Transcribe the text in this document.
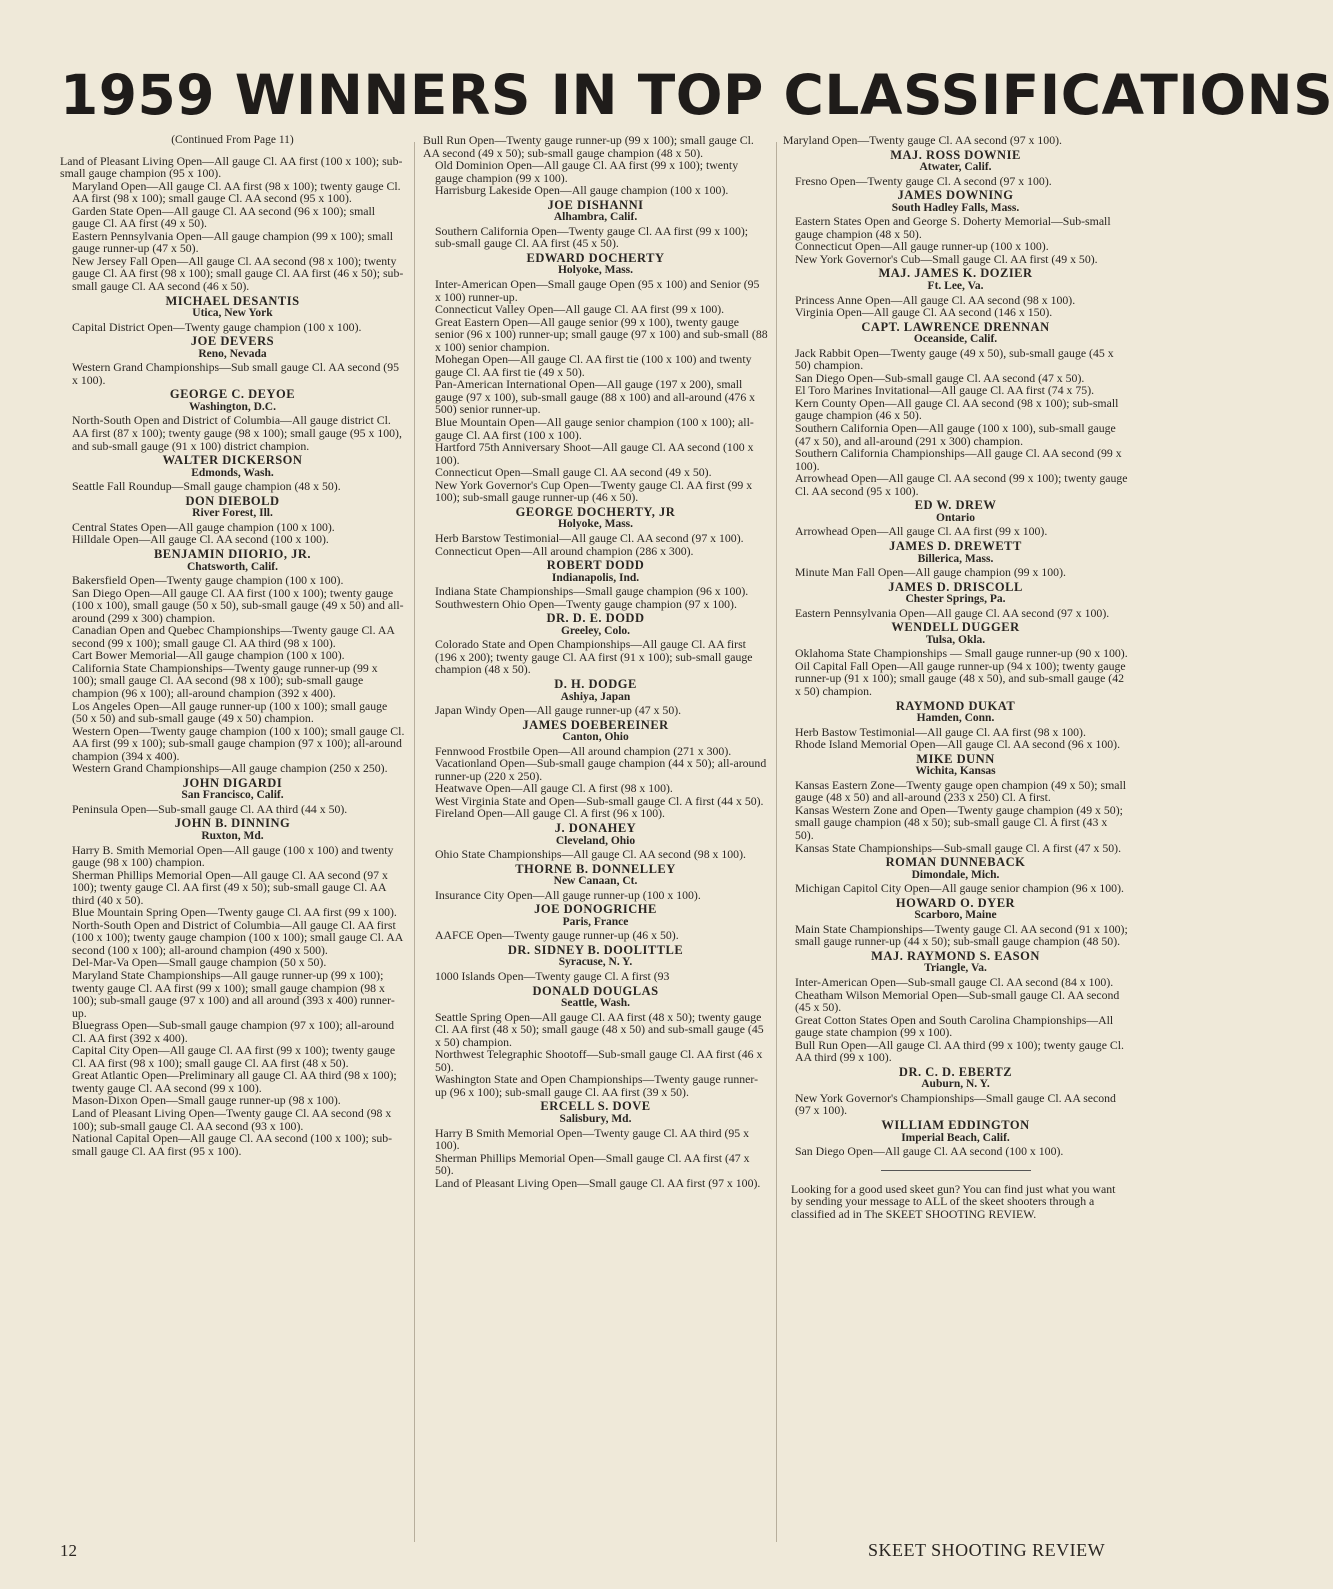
1959 WINNERS IN TOP CLASSIFICATIONS

(Continued From Page 11)

Land of Pleasant Living Open—All gauge Cl. AA first (100 x 100); sub-small gauge champion (95 x 100).

Maryland Open—All gauge Cl. AA first (98 x 100); twenty gauge Cl. AA first (98 x 100); small gauge Cl. AA second (95 x 100).

Garden State Open—All gauge Cl. AA second (96 x 100); small gauge Cl. AA first (49 x 50).

Eastern Pennsylvania Open—All gauge champion (99 x 100); small gauge runner-up (47 x 50).

New Jersey Fall Open—All gauge Cl. AA second (98 x 100); twenty gauge Cl. AA first (98 x 100); small gauge Cl. AA first (46 x 50); sub-small gauge Cl. AA second (46 x 50).

MICHAEL DESANTIS

Utica, New York

Capital District Open—Twenty gauge champion (100 x 100).

JOE DEVERS

Reno, Nevada

Western Grand Championships—Sub small gauge Cl. AA second (95 x 100).

GEORGE C. DEYOE

Washington, D.C.

North-South Open and District of Columbia—All gauge district Cl. AA first (87 x 100); twenty gauge (98 x 100); small gauge (95 x 100), and sub-small gauge (91 x 100) district champion.

WALTER DICKERSON

Edmonds, Wash.

Seattle Fall Roundup—Small gauge champion (48 x 50).

DON DIEBOLD

River Forest, Ill.

Central States Open—All gauge champion (100 x 100).

Hilldale Open—All gauge Cl. AA second (100 x 100).

BENJAMIN DIIORIO, JR.

Chatsworth, Calif.

Bakersfield Open—Twenty gauge champion (100 x 100).

San Diego Open—All gauge Cl. AA first (100 x 100); twenty gauge (100 x 100), small gauge (50 x 50), sub-small gauge (49 x 50) and all-around (299 x 300) champion.

Canadian Open and Quebec Championships—Twenty gauge Cl. AA second (99 x 100); small gauge Cl. AA third (98 x 100).

Cart Bower Memorial—All gauge champion (100 x 100).

California State Championships—Twenty gauge runner-up (99 x 100); small gauge Cl. AA second (98 x 100); sub-small gauge champion (96 x 100); all-around champion (392 x 400).

Los Angeles Open—All gauge runner-up (100 x 100); small gauge (50 x 50) and sub-small gauge (49 x 50) champion.

Western Open—Twenty gauge champion (100 x 100); small gauge Cl. AA first (99 x 100); sub-small gauge champion (97 x 100); all-around champion (394 x 400).

Western Grand Championships—All gauge champion (250 x 250).

JOHN DIGARDI

San Francisco, Calif.

Peninsula Open—Sub-small gauge Cl. AA third (44 x 50).

JOHN B. DINNING

Ruxton, Md.

Harry B. Smith Memorial Open—All gauge (100 x 100) and twenty gauge (98 x 100) champion.

Sherman Phillips Memorial Open—All gauge Cl. AA second (97 x 100); twenty gauge Cl. AA first (49 x 50); sub-small gauge Cl. AA third (40 x 50).

Blue Mountain Spring Open—Twenty gauge Cl. AA first (99 x 100).

North-South Open and District of Columbia—All gauge Cl. AA first (100 x 100); twenty gauge champion (100 x 100); small gauge Cl. AA second (100 x 100); all-around champion (490 x 500).

Del-Mar-Va Open—Small gauge champion (50 x 50).

Maryland State Championships—All gauge runner-up (99 x 100); twenty gauge Cl. AA first (99 x 100); small gauge champion (98 x 100); sub-small gauge (97 x 100) and all around (393 x 400) runner-up.

Bluegrass Open—Sub-small gauge champion (97 x 100); all-around Cl. AA first (392 x 400).

Capital City Open—All gauge Cl. AA first (99 x 100); twenty gauge Cl. AA first (98 x 100); small gauge Cl. AA first (48 x 50).

Great Atlantic Open—Preliminary all gauge Cl. AA third (98 x 100); twenty gauge Cl. AA second (99 x 100).

Mason-Dixon Open—Small gauge runner-up (98 x 100).

Land of Pleasant Living Open—Twenty gauge Cl. AA second (98 x 100); sub-small gauge Cl. AA second (93 x 100).

National Capital Open—All gauge Cl. AA second (100 x 100); sub-small gauge Cl. AA first (95 x 100).

Bull Run Open—Twenty gauge runner-up (99 x 100); small gauge Cl. AA second (49 x 50); sub-small gauge champion (48 x 50).

Old Dominion Open—All gauge Cl. AA first (99 x 100); twenty gauge champion (99 x 100).

Harrisburg Lakeside Open—All gauge champion (100 x 100).

JOE DISHANNI

Alhambra, Calif.

Southern California Open—Twenty gauge Cl. AA first (99 x 100); sub-small gauge Cl. AA first (45 x 50).

EDWARD DOCHERTY

Holyoke, Mass.

Inter-American Open—Small gauge Open (95 x 100) and Senior (95 x 100) runner-up.

Connecticut Valley Open—All gauge Cl. AA first (99 x 100).

Great Eastern Open—All gauge senior (99 x 100), twenty gauge senior (96 x 100) runner-up; small gauge (97 x 100) and sub-small (88 x 100) senior champion.

Mohegan Open—All gauge Cl. AA first tie (100 x 100) and twenty gauge Cl. AA first tie (49 x 50).

Pan-American International Open—All gauge (197 x 200), small gauge (97 x 100), sub-small gauge (88 x 100) and all-around (476 x 500) senior runner-up.

Blue Mountain Open—All gauge senior champion (100 x 100); all-gauge Cl. AA first (100 x 100).

Hartford 75th Anniversary Shoot—All gauge Cl. AA second (100 x 100).

Connecticut Open—Small gauge Cl. AA second (49 x 50).

New York Governor's Cup Open—Twenty gauge Cl. AA first (99 x 100); sub-small gauge runner-up (46 x 50).

GEORGE DOCHERTY, JR

Holyoke, Mass.

Herb Barstow Testimonial—All gauge Cl. AA second (97 x 100).

Connecticut Open—All around champion (286 x 300).

ROBERT DODD

Indianapolis, Ind.

Indiana State Championships—Small gauge champion (96 x 100).

Southwestern Ohio Open—Twenty gauge champion (97 x 100).

DR. D. E. DODD

Greeley, Colo.

Colorado State and Open Championships—All gauge Cl. AA first (196 x 200); twenty gauge Cl. AA first (91 x 100); sub-small gauge champion (48 x 50).

D. H. DODGE

Ashiya, Japan

Japan Windy Open—All gauge runner-up (47 x 50).

JAMES DOEBEREINER

Canton, Ohio

Fennwood Frostbile Open—All around champion (271 x 300).

Vacationland Open—Sub-small gauge champion (44 x 50); all-around runner-up (220 x 250).

Heatwave Open—All gauge Cl. A first (98 x 100).

West Virginia State and Open—Sub-small gauge Cl. A first (44 x 50).

Fireland Open—All gauge Cl. A first (96 x 100).

J. DONAHEY

Cleveland, Ohio

Ohio State Championships—All gauge Cl. AA second (98 x 100).

THORNE B. DONNELLEY

New Canaan, Ct.

Insurance City Open—All gauge runner-up (100 x 100).

JOE DONOGRICHE

Paris, France

AAFCE Open—Twenty gauge runner-up (46 x 50).

DR. SIDNEY B. DOOLITTLE

Syracuse, N. Y.

1000 Islands Open—Twenty gauge Cl. A first (93

DONALD DOUGLAS

Seattle, Wash.

Seattle Spring Open—All gauge Cl. AA first (48 x 50); twenty gauge Cl. AA first (48 x 50); small gauge (48 x 50) and sub-small gauge (45 x 50) champion.

Northwest Telegraphic Shootoff—Sub-small gauge Cl. AA first (46 x 50).

Washington State and Open Championships—Twenty gauge runner-up (96 x 100); sub-small gauge Cl. AA first (39 x 50).

ERCELL S. DOVE

Salisbury, Md.

Harry B Smith Memorial Open—Twenty gauge Cl. AA third (95 x 100).

Sherman Phillips Memorial Open—Small gauge Cl. AA first (47 x 50).

Land of Pleasant Living Open—Small gauge Cl. AA first (97 x 100).

Maryland Open—Twenty gauge Cl. AA second (97 x 100).

MAJ. ROSS DOWNIE

Atwater, Calif.

Fresno Open—Twenty gauge Cl. A second (97 x 100).

JAMES DOWNING

South Hadley Falls, Mass.

Eastern States Open and George S. Doherty Memorial—Sub-small gauge champion (48 x 50).

Connecticut Open—All gauge runner-up (100 x 100).

New York Governor's Cub—Small gauge Cl. AA first (49 x 50).

MAJ. JAMES K. DOZIER

Ft. Lee, Va.

Princess Anne Open—All gauge Cl. AA second (98 x 100).

Virginia Open—All gauge Cl. AA second (146 x 150).

CAPT. LAWRENCE DRENNAN

Oceanside, Calif.

Jack Rabbit Open—Twenty gauge (49 x 50), sub-small gauge (45 x 50) champion.

San Diego Open—Sub-small gauge Cl. AA second (47 x 50).

El Toro Marines Invitational—All gauge Cl. AA first (74 x 75).

Kern County Open—All gauge Cl. AA second (98 x 100); sub-small gauge champion (46 x 50).

Southern California Open—All gauge (100 x 100), sub-small gauge (47 x 50), and all-around (291 x 300) champion.

Southern California Championships—All gauge Cl. AA second (99 x 100).

Arrowhead Open—All gauge Cl. AA second (99 x 100); twenty gauge Cl. AA second (95 x 100).

ED W. DREW

Ontario

Arrowhead Open—All gauge Cl. AA first (99 x 100).

JAMES D. DREWETT

Billerica, Mass.

Minute Man Fall Open—All gauge champion (99 x 100).

JAMES D. DRISCOLL

Chester Springs, Pa.

Eastern Pennsylvania Open—All gauge Cl. AA second (97 x 100).

WENDELL DUGGER

Tulsa, Okla.

Oklahoma State Championships — Small gauge runner-up (90 x 100).

Oil Capital Fall Open—All gauge runner-up (94 x 100); twenty gauge runner-up (91 x 100); small gauge (48 x 50), and sub-small gauge (42 x 50) champion.

RAYMOND DUKAT

Hamden, Conn.

Herb Bastow Testimonial—All gauge Cl. AA first (98 x 100).

Rhode Island Memorial Open—All gauge Cl. AA second (96 x 100).

MIKE DUNN

Wichita, Kansas

Kansas Eastern Zone—Twenty gauge open champion (49 x 50); small gauge (48 x 50) and all-around (233 x 250) Cl. A first.

Kansas Western Zone and Open—Twenty gauge champion (49 x 50); small gauge champion (48 x 50); sub-small gauge Cl. A first (43 x 50).

Kansas State Championships—Sub-small gauge Cl. A first (47 x 50).

ROMAN DUNNEBACK

Dimondale, Mich.

Michigan Capitol City Open—All gauge senior champion (96 x 100).

HOWARD O. DYER

Scarboro, Maine

Main State Championships—Twenty gauge Cl. AA second (91 x 100); small gauge runner-up (44 x 50); sub-small gauge champion (48 50).

MAJ. RAYMOND S. EASON

Triangle, Va.

Inter-American Open—Sub-small gauge Cl. AA second (84 x 100).

Cheatham Wilson Memorial Open—Sub-small gauge Cl. AA second (45 x 50).

Great Cotton States Open and South Carolina Championships—All gauge state champion (99 x 100).

Bull Run Open—All gauge Cl. AA third (99 x 100); twenty gauge Cl. AA third (99 x 100).

DR. C. D. EBERTZ

Auburn, N. Y.

New York Governor's Championships—Small gauge Cl. AA second (97 x 100).

WILLIAM EDDINGTON

Imperial Beach, Calif.

San Diego Open—All gauge Cl. AA second (100 x 100).

Looking for a good used skeet gun? You can find just what you want by sending your message to ALL of the skeet shooters through a classified ad in The SKEET SHOOTING REVIEW.

12	SKEET SHOOTING REVIEW
